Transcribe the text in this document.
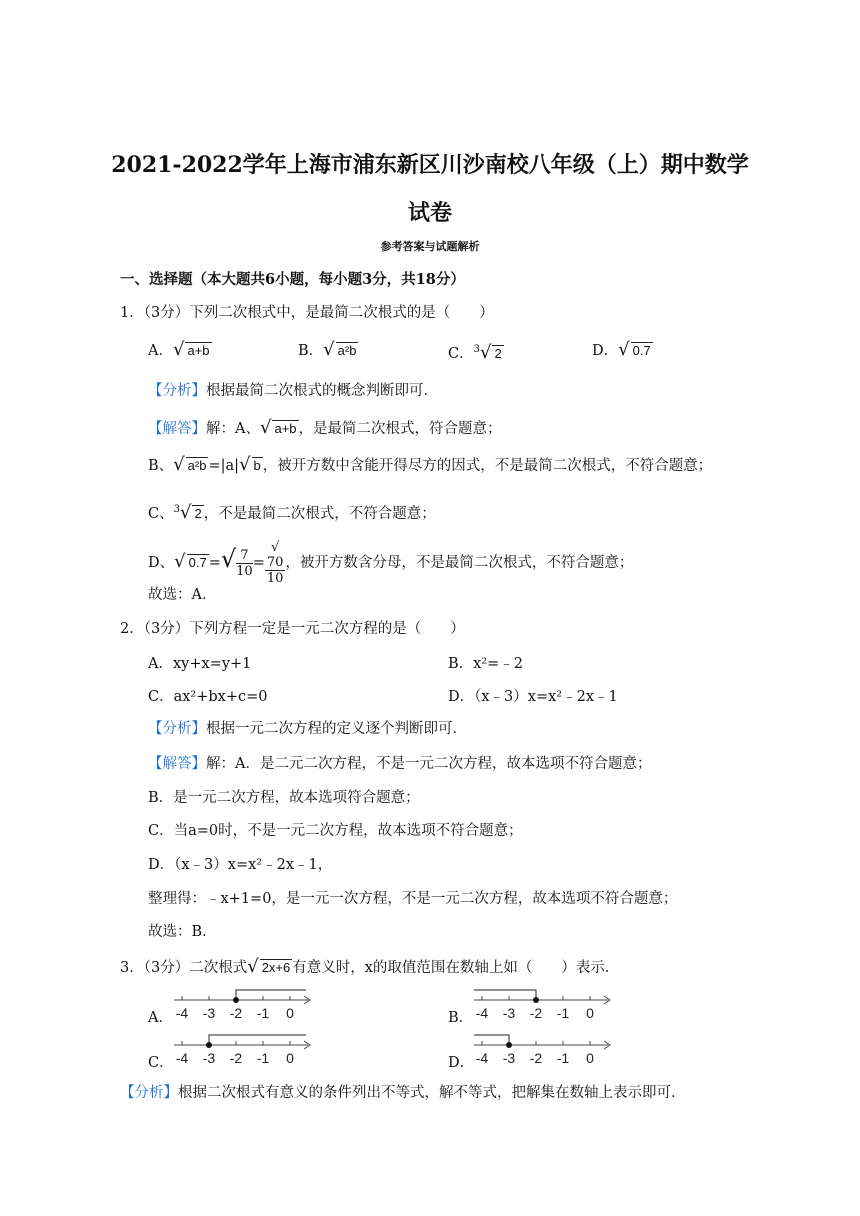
2021-2022学年上海市浦东新区川沙南校八年级（上）期中数学
试卷
参考答案与试题解析
一、选择题（本大题共6小题，每小题3分，共18分）
1．（3分）下列二次根式中，是最简二次根式的是（　　）
A．√ a+b	B．√ a²b	C．$^3$√ 2	D．√ 0.7
【分析】根据最简二次根式的概念判断即可．
【解答】解：A、√ a+b ，是最简二次根式，符合题意；
B、√ a²b =|a|√ b ，被开方数中含能开得尽方的因式，不是最简二次根式，不符合题意；
C、$^3$√ 2 ，不是最简二次根式，不符合题意；
D、√ 0.7 =√ $\frac{7}{10}$ = √
70
10 ，被开方数含分母，不是最简二次根式，不符合题意；
故选：A．
2．（3分）下列方程一定是一元二次方程的是（　　）
A．xy+x=y+1	B．x²=﹣2
C．ax²+bx+c=0	D．（x﹣3）x=x²﹣2x﹣1
【分析】根据一元二次方程的定义逐个判断即可．
【解答】解：A．是二元二次方程，不是一元二次方程，故本选项不符合题意；
B．是一元二次方程，故本选项符合题意；
C．当a=0时，不是一元二次方程，故本选项不符合题意；
D．（x﹣3）x=x²﹣2x﹣1，
整理得：﹣x+1=0，是一元一次方程，不是一元二次方程，故本选项不符合题意；
故选：B．
3．（3分）二次根式√ 2x+6 有意义时，x的取值范围在数轴上如（　　）表示．
A． -4 -3 -2 -1 0	B． -4 -3 -2 -1 0
C． -4 -3 -2 -1 0	D． -4 -3 -2 -1 0
【分析】根据二次根式有意义的条件列出不等式，解不等式，把解集在数轴上表示即可．
